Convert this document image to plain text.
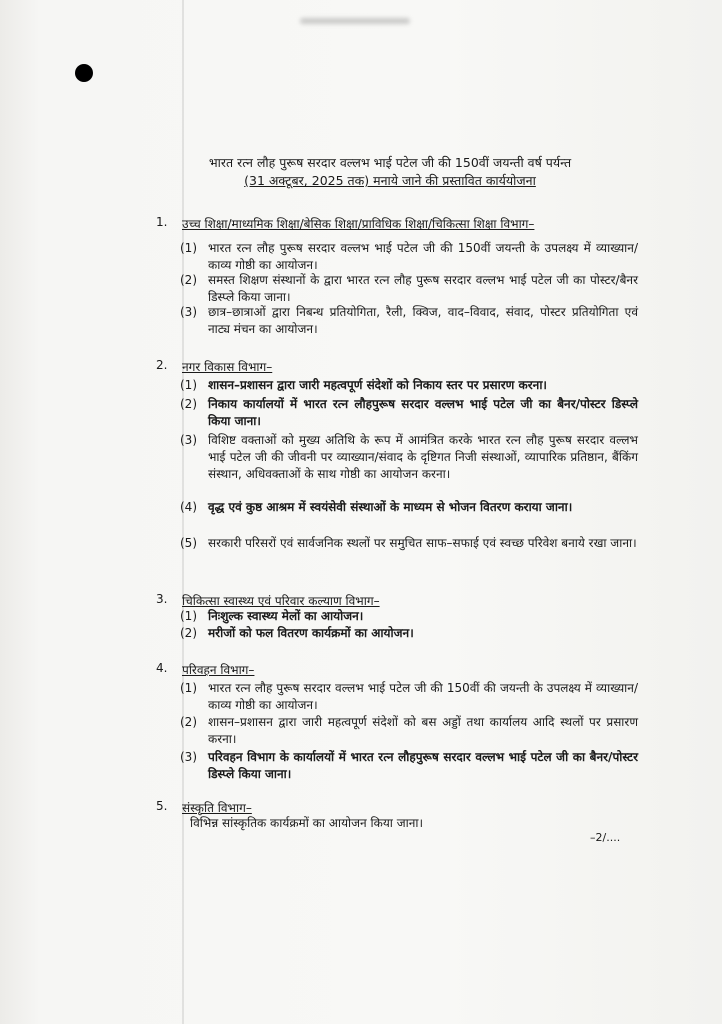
भारत रत्न लौह पुरूष सरदार वल्लभ भाई पटेल जी की 150वीं जयन्ती वर्ष पर्यन्त
(31 अक्टूबर, 2025 तक) मनाये जाने की प्रस्तावित कार्ययोजना
1. उच्च शिक्षा/माध्यमिक शिक्षा/बेसिक शिक्षा/प्राविधिक शिक्षा/चिकित्सा शिक्षा विभाग–
(1) भारत रत्न लौह पुरूष सरदार वल्लभ भाई पटेल जी की 150वीं जयन्ती के उपलक्ष्य में व्याख्यान/काव्य गोष्ठी का आयोजन।
(2) समस्त शिक्षण संस्थानों के द्वारा भारत रत्न लौह पुरूष सरदार वल्लभ भाई पटेल जी का पोस्टर/बैनर डिस्प्ले किया जाना।
(3) छात्र–छात्राओं द्वारा निबन्ध प्रतियोगिता, रैली, क्विज, वाद–विवाद, संवाद, पोस्टर प्रतियोगिता एवं नाट्य मंचन का आयोजन।
2. नगर विकास विभाग–
(1) शासन–प्रशासन द्वारा जारी महत्वपूर्ण संदेशों को निकाय स्तर पर प्रसारण करना।
(2) निकाय कार्यालयों में भारत रत्न लौहपुरूष सरदार वल्लभ भाई पटेल जी का बैनर/पोस्टर डिस्प्ले किया जाना।
(3) विशिष्ट वक्ताओं को मुख्य अतिथि के रूप में आमंत्रित करके भारत रत्न लौह पुरूष सरदार वल्लभ भाई पटेल जी की जीवनी पर व्याख्यान/संवाद के दृष्टिगत निजी संस्थाओं, व्यापारिक प्रतिष्ठान, बैंकिंग संस्थान, अधिवक्ताओं के साथ गोष्ठी का आयोजन करना।
(4) वृद्ध एवं कुष्ठ आश्रम में स्वयंसेवी संस्थाओं के माध्यम से भोजन वितरण कराया जाना।
(5) सरकारी परिसरों एवं सार्वजनिक स्थलों पर समुचित साफ–सफाई एवं स्वच्छ परिवेश बनाये रखा जाना।
3. चिकित्सा स्वास्थ्य एवं परिवार कल्याण विभाग–
(1) निःशुल्क स्वास्थ्य मेलों का आयोजन।
(2) मरीजों को फल वितरण कार्यक्रमों का आयोजन।
4. परिवहन विभाग–
(1) भारत रत्न लौह पुरूष सरदार वल्लभ भाई पटेल जी की 150वीं की जयन्ती के उपलक्ष्य में व्याख्यान/काव्य गोष्ठी का आयोजन।
(2) शासन–प्रशासन द्वारा जारी महत्वपूर्ण संदेशों को बस अड्डों तथा कार्यालय आदि स्थलों पर प्रसारण करना।
(3) परिवहन विभाग के कार्यालयों में भारत रत्न लौहपुरूष सरदार वल्लभ भाई पटेल जी का बैनर/पोस्टर डिस्प्ले किया जाना।
5. संस्कृति विभाग–
विभिन्न सांस्कृतिक कार्यक्रमों का आयोजन किया जाना।
–2/....
